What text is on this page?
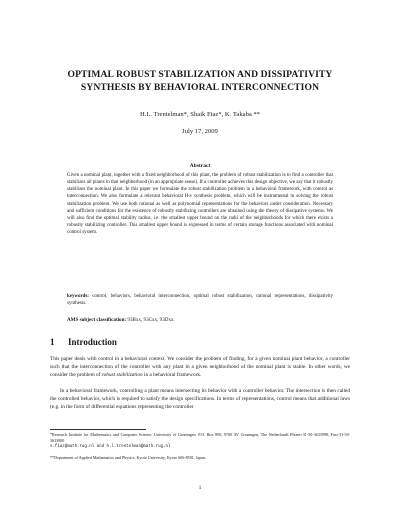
OPTIMAL ROBUST STABILIZATION AND DISSIPATIVITY SYNTHESIS BY BEHAVIORAL INTERCONNECTION
H.L. Trentelman*, Shaik Fiaz*, K. Takaba **
July 17, 2009
Abstract
Given a nominal plant, together with a fixed neighborhood of this plant, the problem of robust stabilization is to find a controller that stabilizes all plants in that neighborhood (in an appropriate sense). If a controller achieves this design objective, we say that it robustly stabilizes the nominal plant. In this paper we formulate the robust stabilization problem in a behavioral framework, with control as interconnection. We also formulate a relevant behavioral H∞ synthesis problem, which will be instrumental in solving the robust stabilization problem. We use both rational as well as polynomial representations for the behaviors under consideration. Necessary and sufficient conditions for the existence of robustly stabilizing controllers are obtained using the theory of dissipative systems. We will also find the optimal stability radius, i.e. the smallest upper bound on the radii of the neighborhoods for which there exists a robustly stabilizing controller. This smallest upper bound is expressed in terms of certain storage functions associated with nominal control system.
keywords: control, behaviors, behavioral interconnection, optimal robust stabilization, rational representations, dissipativity synthesis.
AMS subject classification: 93Bxx, 93Cxx, 93Dxx.
1 Introduction
This paper deals with control in a behavioral context. We consider the problem of finding, for a given nominal plant behavior, a controller such that the interconnection of the controller with any plant in a given neighborhood of the nominal plant is stable. In other words, we consider the problem of robust stabilization in a behavioral framework.
In a behavioral framework, controlling a plant means intersecting its behavior with a controller behavior. The intersection is then called the controlled behavior, which is required to satisfy the design specifications. In terms of representations, control means that additional laws (e.g. in the form of differential equations representing the controller
*Research Institute for Mathematics and Computer Science, University of Groningen, P.O. Box 800, 9700 AV Groningen, The Netherlands Phone+31-50-3633998, Fax+31-50-3633800
s.fiaz@math.rug.nl and h.l.trentelman@math.rug.nl
**Department of Applied Mathematics and Physics, Kyoto University, Kyoto 606-8501, Japan.
1
